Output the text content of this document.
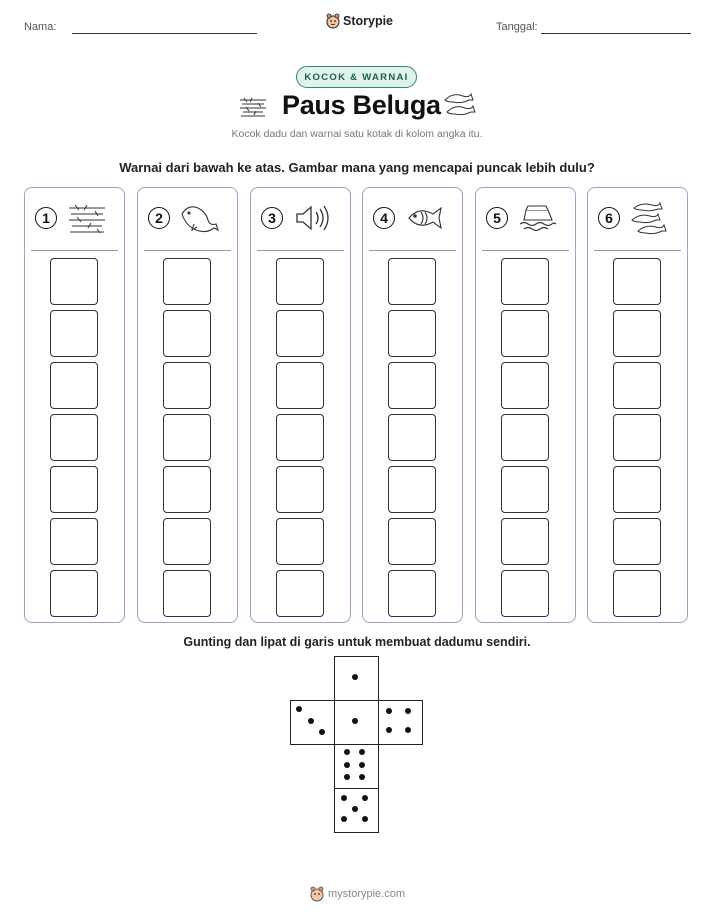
Nama:	Storypie	Tanggal:
KOCOK & WARNAI
Paus Beluga
Kocok dadu dan warnai satu kotak di kolom angka itu.
Warnai dari bawah ke atas. Gambar mana yang mencapai puncak lebih dulu?
1	2	3	4	5	6
Gunting dan lipat di garis untuk membuat dadumu sendiri.
mystorypie.com
